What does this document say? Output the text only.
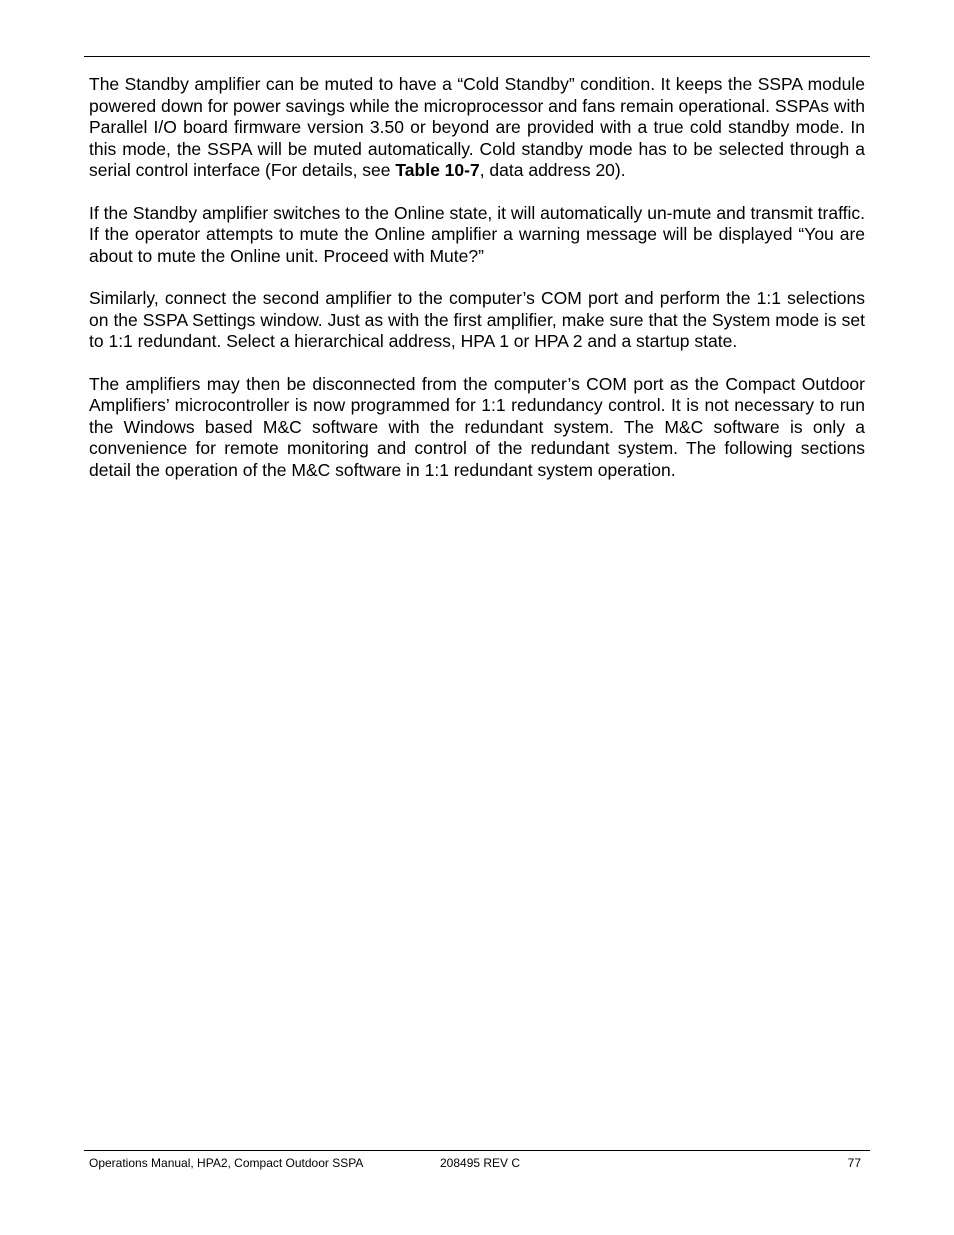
The Standby amplifier can be muted to have a “Cold Standby” condition. It keeps the SSPA module powered down for power savings while the microprocessor and fans remain operational. SSPAs with Parallel I/O board firmware version 3.50 or beyond are provided with a true cold standby mode. In this mode, the SSPA will be muted automatically. Cold standby mode has to be selected through a serial control interface (For details, see Table 10-7, data address 20).

If the Standby amplifier switches to the Online state, it will automatically un-mute and transmit traffic. If the operator attempts to mute the Online amplifier a warning message will be displayed “You are about to mute the Online unit. Proceed with Mute?”

Similarly, connect the second amplifier to the computer’s COM port and perform the 1:1 selections on the SSPA Settings window. Just as with the first amplifier, make sure that the System mode is set to 1:1 redundant. Select a hierarchical address, HPA 1 or HPA 2 and a startup state.

The amplifiers may then be disconnected from the computer’s COM port as the Compact Outdoor Amplifiers’ microcontroller is now programmed for 1:1 redundancy control. It is not necessary to run the Windows based M&C software with the redundant system. The M&C software is only a convenience for remote monitoring and control of the redundant system. The following sections detail the operation of the M&C software in 1:1 redundant system operation.

Operations Manual, HPA2, Compact Outdoor SSPA	208495 REV C	77
